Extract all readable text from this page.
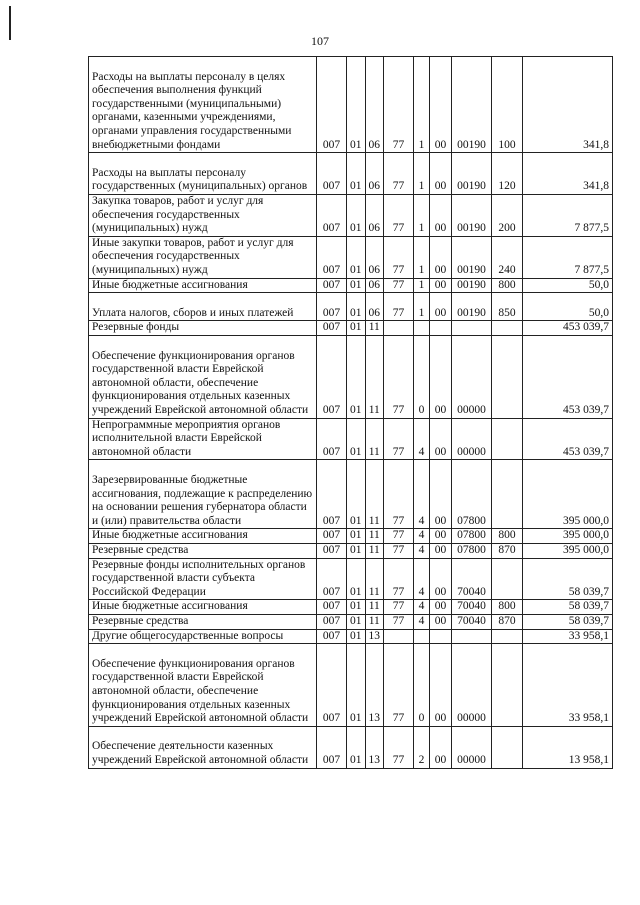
107
Расходы на выплаты персоналу в целях обеспечения выполнения функций государственными (муниципальными) органами, казенными учреждениями, органами управления государственными внебюджетными фондами	007	01	06	77	1	00	00190	100	341,8
Расходы на выплаты персоналу государственных (муниципальных) органов	007	01	06	77	1	00	00190	120	341,8
Закупка товаров, работ и услуг для обеспечения государственных (муниципальных) нужд	007	01	06	77	1	00	00190	200	7 877,5
Иные закупки товаров, работ и услуг для обеспечения государственных (муниципальных) нужд	007	01	06	77	1	00	00190	240	7 877,5
Иные бюджетные ассигнования	007	01	06	77	1	00	00190	800	50,0
Уплата налогов, сборов и иных платежей	007	01	06	77	1	00	00190	850	50,0
Резервные фонды	007	01	11						453 039,7
Обеспечение функционирования органов государственной власти Еврейской автономной области, обеспечение функционирования отдельных казенных учреждений Еврейской автономной области	007	01	11	77	0	00	00000		453 039,7
Непрограммные мероприятия органов исполнительной власти Еврейской автономной области	007	01	11	77	4	00	00000		453 039,7
Зарезервированные бюджетные ассигнования, подлежащие к распределению на основании решения губернатора области и (или) правительства области	007	01	11	77	4	00	07800		395 000,0
Иные бюджетные ассигнования	007	01	11	77	4	00	07800	800	395 000,0
Резервные средства	007	01	11	77	4	00	07800	870	395 000,0
Резервные фонды исполнительных органов государственной власти субъекта Российской Федерации	007	01	11	77	4	00	70040		58 039,7
Иные бюджетные ассигнования	007	01	11	77	4	00	70040	800	58 039,7
Резервные средства	007	01	11	77	4	00	70040	870	58 039,7
Другие общегосударственные вопросы	007	01	13						33 958,1
Обеспечение функционирования органов государственной власти Еврейской автономной области, обеспечение функционирования отдельных казенных учреждений Еврейской автономной области	007	01	13	77	0	00	00000		33 958,1
Обеспечение деятельности казенных учреждений Еврейской автономной области	007	01	13	77	2	00	00000		13 958,1
